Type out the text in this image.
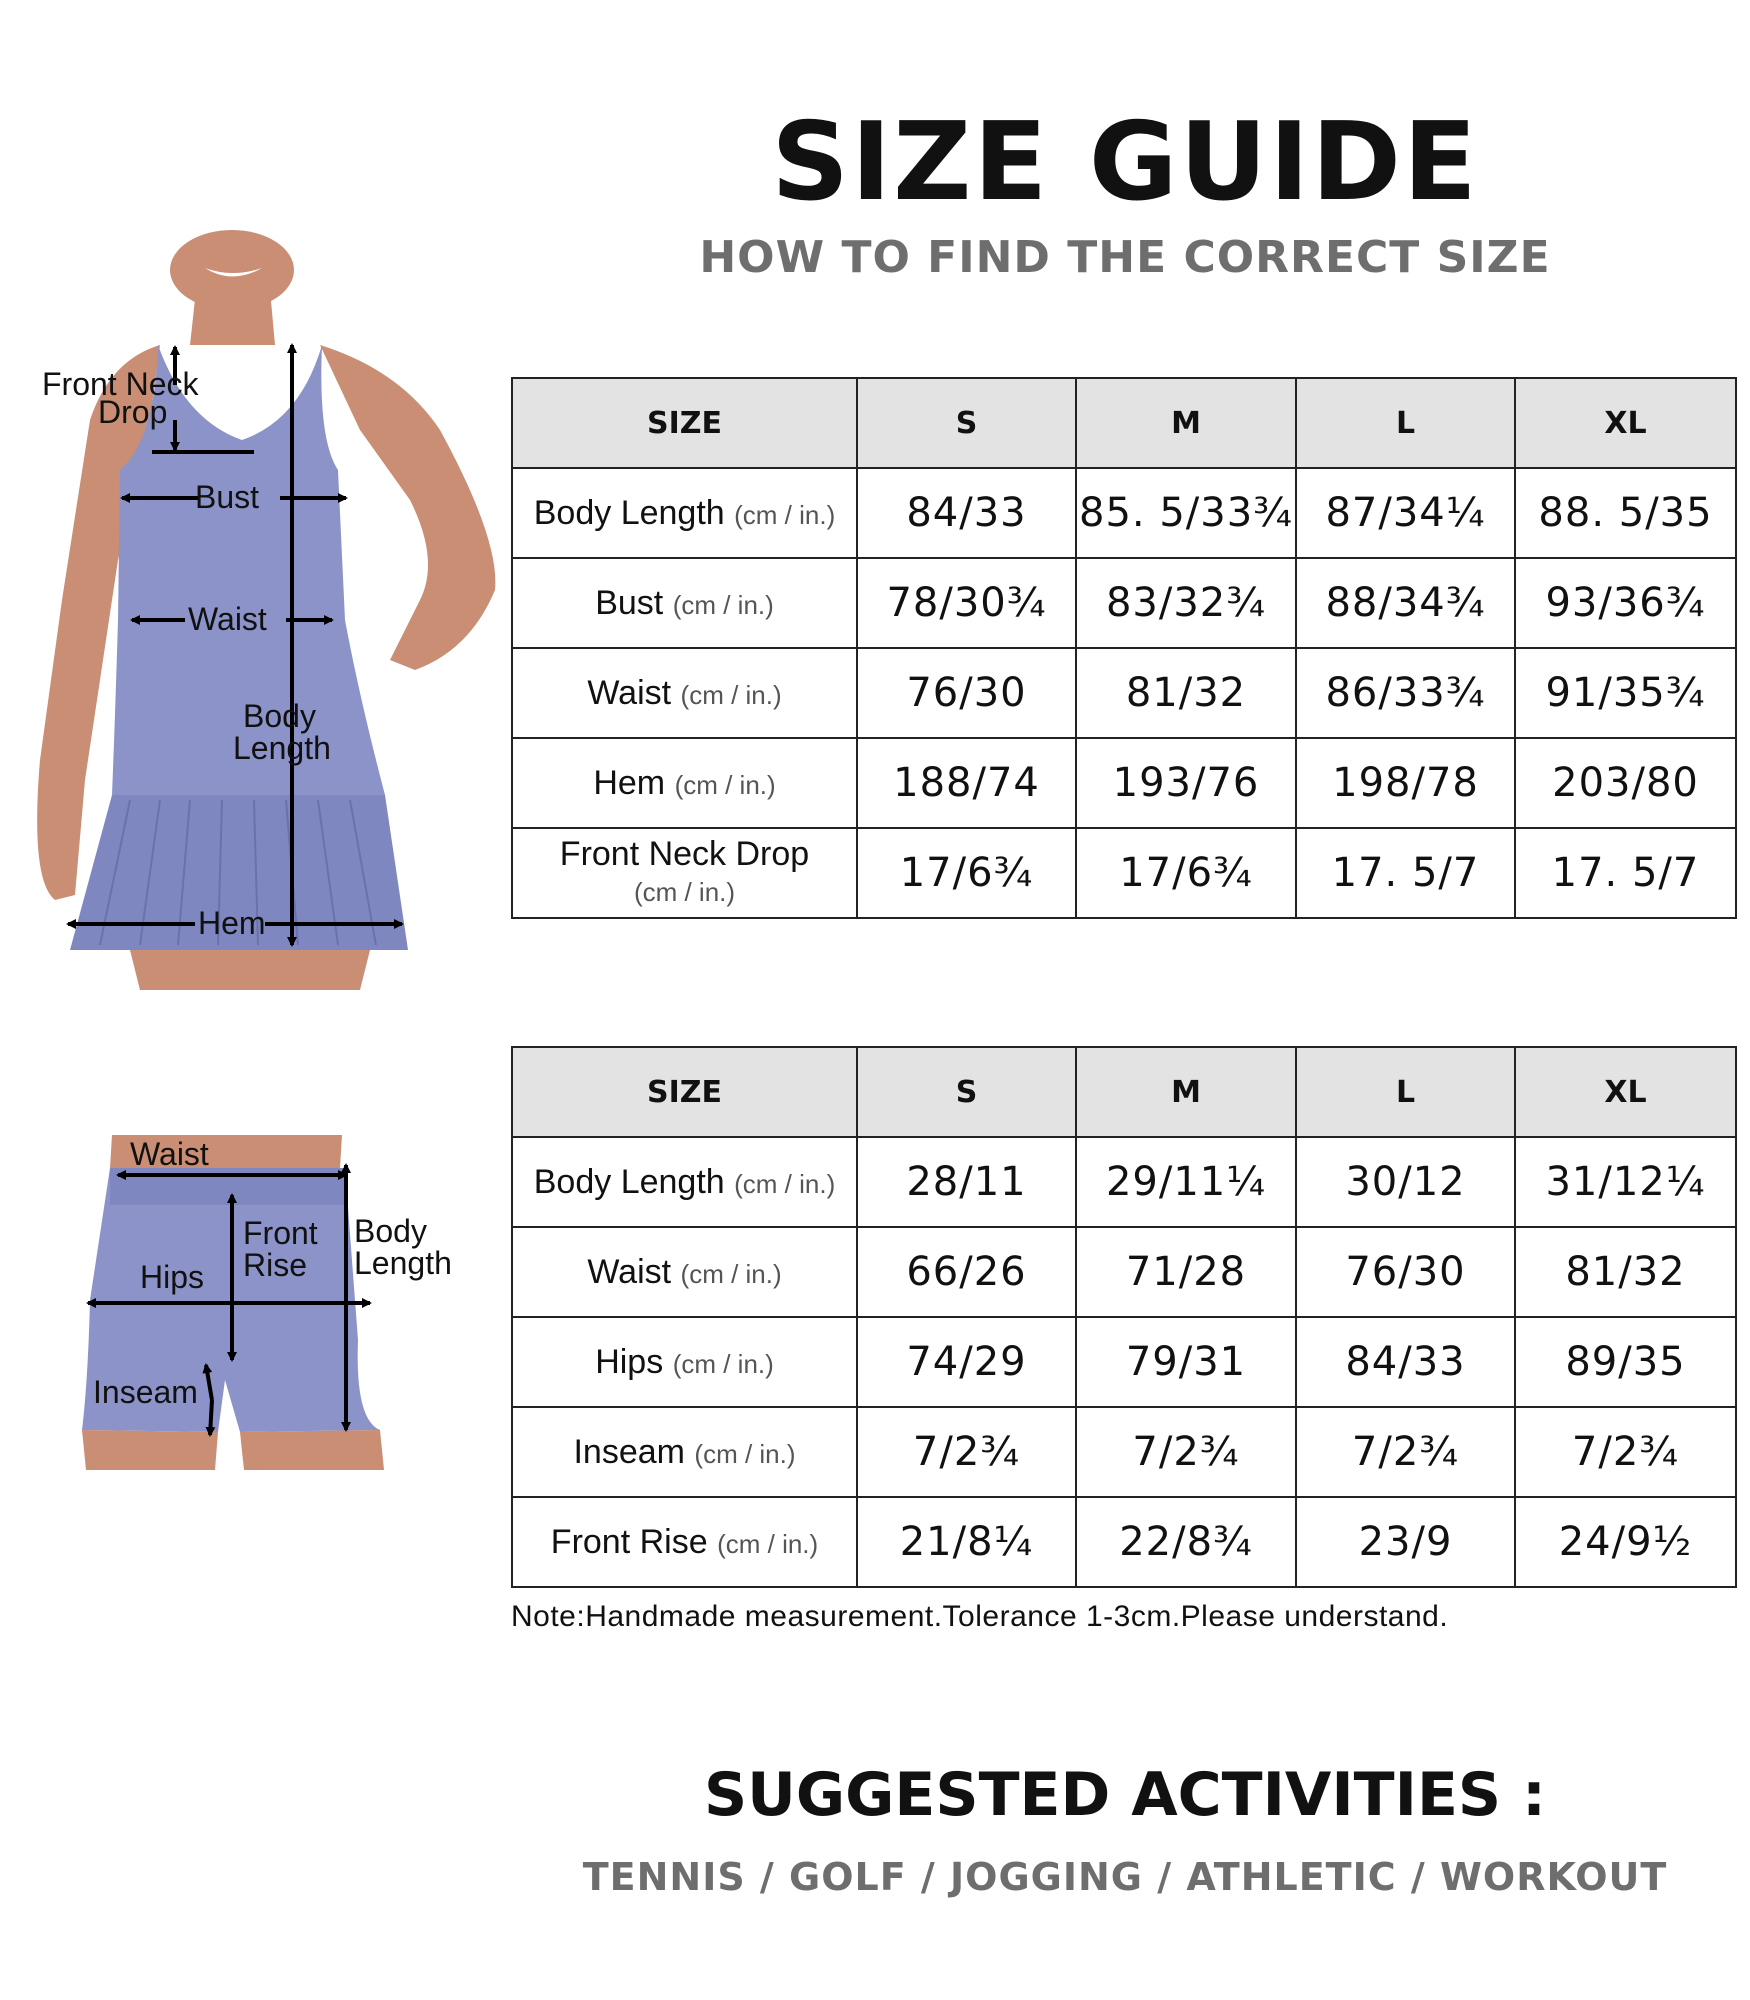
SIZE GUIDE
HOW TO FIND THE CORRECT SIZE
Front Neck
Drop
Bust
Waist
Body
Length
Hem
Waist
Front
Rise
Body
Length
Hips
Inseam
SIZE	S	M	L	XL
Body Length (cm / in.)	84/33	85. 5/33¾	87/34¼	88. 5/35
Bust (cm / in.)	78/30¾	83/32¾	88/34¾	93/36¾
Waist (cm / in.)	76/30	81/32	86/33¾	91/35¾
Hem (cm / in.)	188/74	193/76	198/78	203/80
Front Neck Drop
(cm / in.)	17/6¾	17/6¾	17. 5/7	17. 5/7
SIZE	S	M	L	XL
Body Length (cm / in.)	28/11	29/11¼	30/12	31/12¼
Waist (cm / in.)	66/26	71/28	76/30	81/32
Hips (cm / in.)	74/29	79/31	84/33	89/35
Inseam (cm / in.)	7/2¾	7/2¾	7/2¾	7/2¾
Front Rise (cm / in.)	21/8¼	22/8¾	23/9	24/9½
Note:Handmade measurement.Tolerance 1-3cm.Please understand.
SUGGESTED ACTIVITIES :
TENNIS / GOLF / JOGGING / ATHLETIC / WORKOUT
